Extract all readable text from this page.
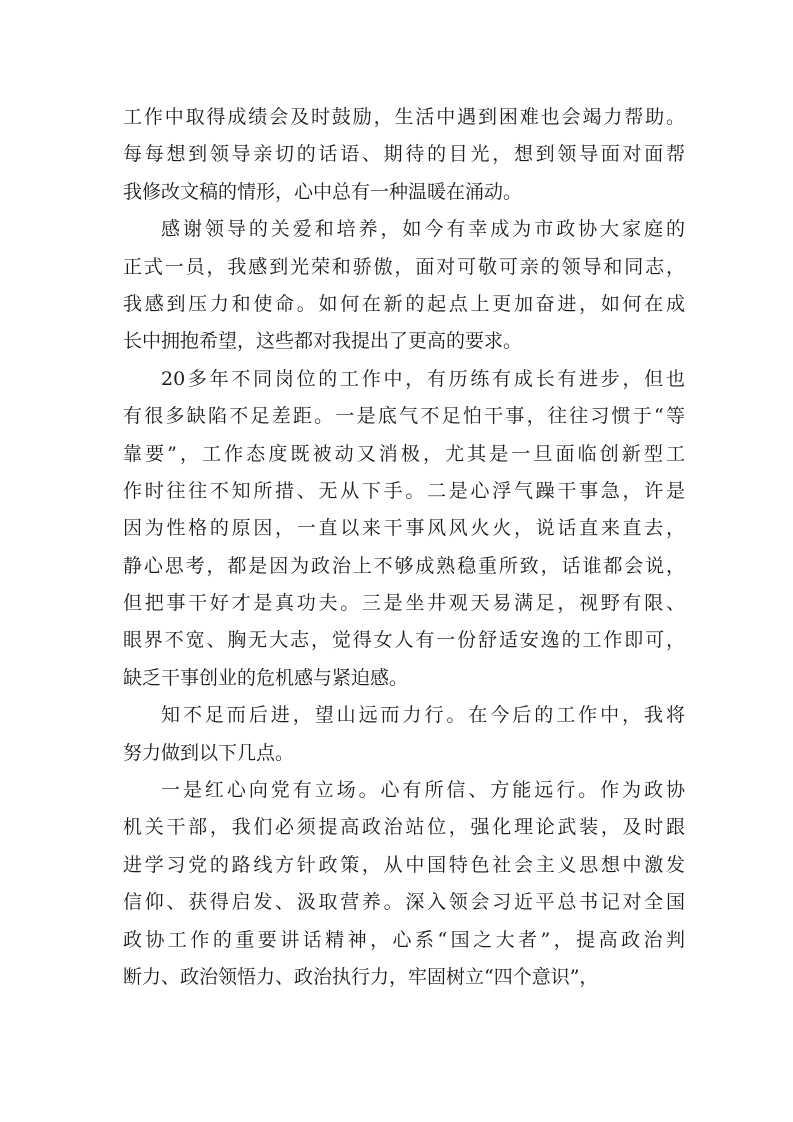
工作中取得成绩会及时鼓励，生活中遇到困难也会竭力帮助。
每每想到领导亲切的话语、期待的目光，想到领导面对面帮
我修改文稿的情形，心中总有一种温暖在涌动。
感谢领导的关爱和培养，如今有幸成为市政协大家庭的
正式一员，我感到光荣和骄傲，面对可敬可亲的领导和同志，
我感到压力和使命。如何在新的起点上更加奋进，如何在成
长中拥抱希望，这些都对我提出了更高的要求。
20多年不同岗位的工作中，有历练有成长有进步，但也
有很多缺陷不足差距。一是底气不足怕干事，往往习惯于“等
靠要”，工作态度既被动又消极，尤其是一旦面临创新型工
作时往往不知所措、无从下手。二是心浮气躁干事急，许是
因为性格的原因，一直以来干事风风火火，说话直来直去，
静心思考，都是因为政治上不够成熟稳重所致，话谁都会说，
但把事干好才是真功夫。三是坐井观天易满足，视野有限、
眼界不宽、胸无大志，觉得女人有一份舒适安逸的工作即可，
缺乏干事创业的危机感与紧迫感。
知不足而后进，望山远而力行。在今后的工作中，我将
努力做到以下几点。
一是红心向党有立场。心有所信、方能远行。作为政协
机关干部，我们必须提高政治站位，强化理论武装，及时跟
进学习党的路线方针政策，从中国特色社会主义思想中激发
信仰、获得启发、汲取营养。深入领会习近平总书记对全国
政协工作的重要讲话精神，心系“国之大者”，提高政治判
断力、政治领悟力、政治执行力，牢固树立“四个意识”，
